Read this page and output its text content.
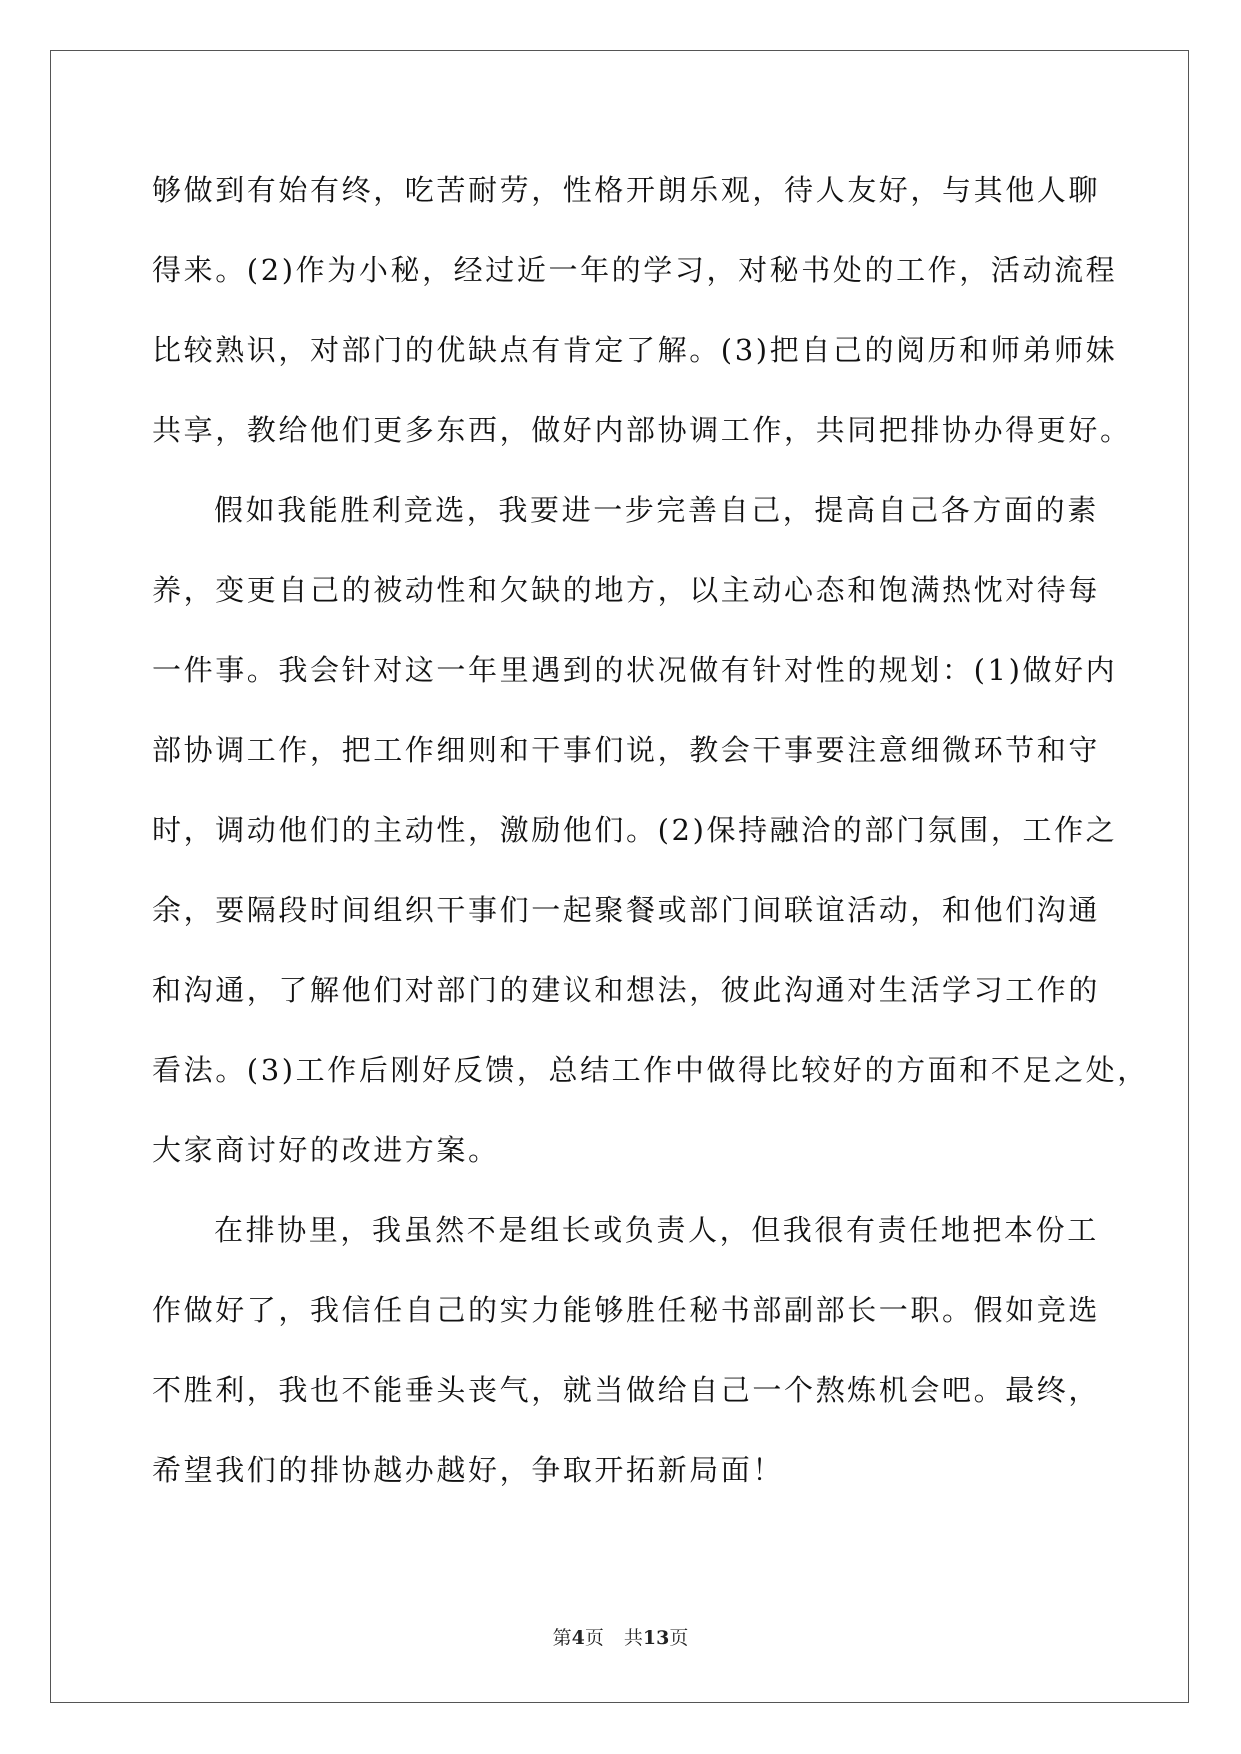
够做到有始有终，吃苦耐劳，性格开朗乐观，待人友好，与其他人聊
得来。(2)作为小秘，经过近一年的学习，对秘书处的工作，活动流程
比较熟识，对部门的优缺点有肯定了解。(3)把自己的阅历和师弟师妹
共享，教给他们更多东西，做好内部协调工作，共同把排协办得更好。
假如我能胜利竞选，我要进一步完善自己，提高自己各方面的素
养，变更自己的被动性和欠缺的地方，以主动心态和饱满热忱对待每
一件事。我会针对这一年里遇到的状况做有针对性的规划：(1)做好内
部协调工作，把工作细则和干事们说，教会干事要注意细微环节和守
时，调动他们的主动性，激励他们。(2)保持融洽的部门氛围，工作之
余，要隔段时间组织干事们一起聚餐或部门间联谊活动，和他们沟通
和沟通，了解他们对部门的建议和想法，彼此沟通对生活学习工作的
看法。(3)工作后刚好反馈，总结工作中做得比较好的方面和不足之处，
大家商讨好的改进方案。
在排协里，我虽然不是组长或负责人，但我很有责任地把本份工
作做好了，我信任自己的实力能够胜任秘书部副部长一职。假如竞选
不胜利，我也不能垂头丧气，就当做给自己一个熬炼机会吧。最终，
希望我们的排协越办越好，争取开拓新局面！
第4页 共13页
